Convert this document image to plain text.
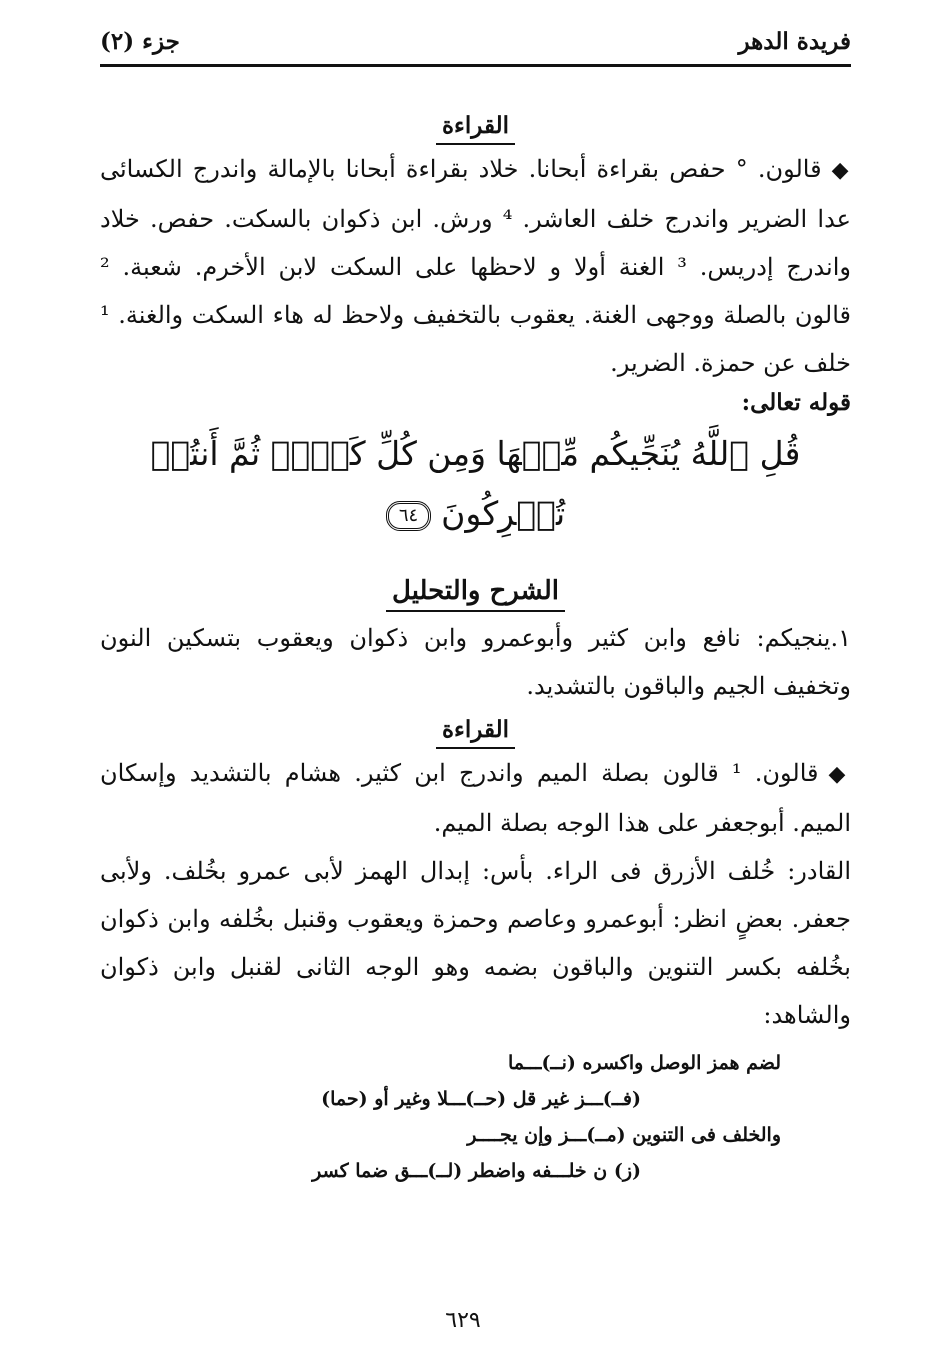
فريدة الدهر
جزء (٢)
القراءة
◆قالون. ° حفص بقراءة أبحانا. خلاد بقراءة أبحانا بالإمالة واندرج الكسائى عدا الضرير واندرج خلف العاشر. ⁴ ورش. ابن ذكوان بالسكت. حفص. خلاد واندرج إدريس. ³ الغنة أولا و لاحظها على السكت لابن الأخرم. شعبة. ² قالون بالصلة ووجهى الغنة. يعقوب بالتخفيف ولاحظ له هاء السكت والغنة. ¹ خلف عن حمزة. الضرير.
قوله تعالى:
قُلِ ٱللَّهُ يُنَجِّيكُم مِّنۡهَا وَمِن كُلِّ كَرۡبٖ ثُمَّ أَنتُمۡ تُشۡرِكُونَ٦٤
الشرح والتحليل
١.ينجيكم: نافع وابن كثير وأبوعمرو وابن ذكوان ويعقوب بتسكين النون وتخفيف الجيم والباقون بالتشديد.
القراءة
◆قالون. ¹ قالون بصلة الميم واندرج ابن كثير. هشام بالتشديد وإسكان الميم. أبوجعفر على هذا الوجه بصلة الميم.
القادر: خُلف الأزرق فى الراء. بأس: إبدال الهمز لأبى عمرو بخُلف. ولأبى جعفر. بعضٍ انظر: أبوعمرو وعاصم وحمزة ويعقوب وقنبل بخُلفه وابن ذكوان بخُلفه بكسر التنوين والباقون بضمه وهو الوجه الثانى لقنبل وابن ذكوان والشاهد:
لضم همز الوصل واكسره (نــ)ـــما
(فــ)ـــز غير قل (حــ)ـــلا وغير أو (حما)
والخلف فى التنوين (مــ)ـــز وإن يجــــر
(ز) ن خلـــفه واضطر (لــ)ـــق ضما كسر
٦٢٩
